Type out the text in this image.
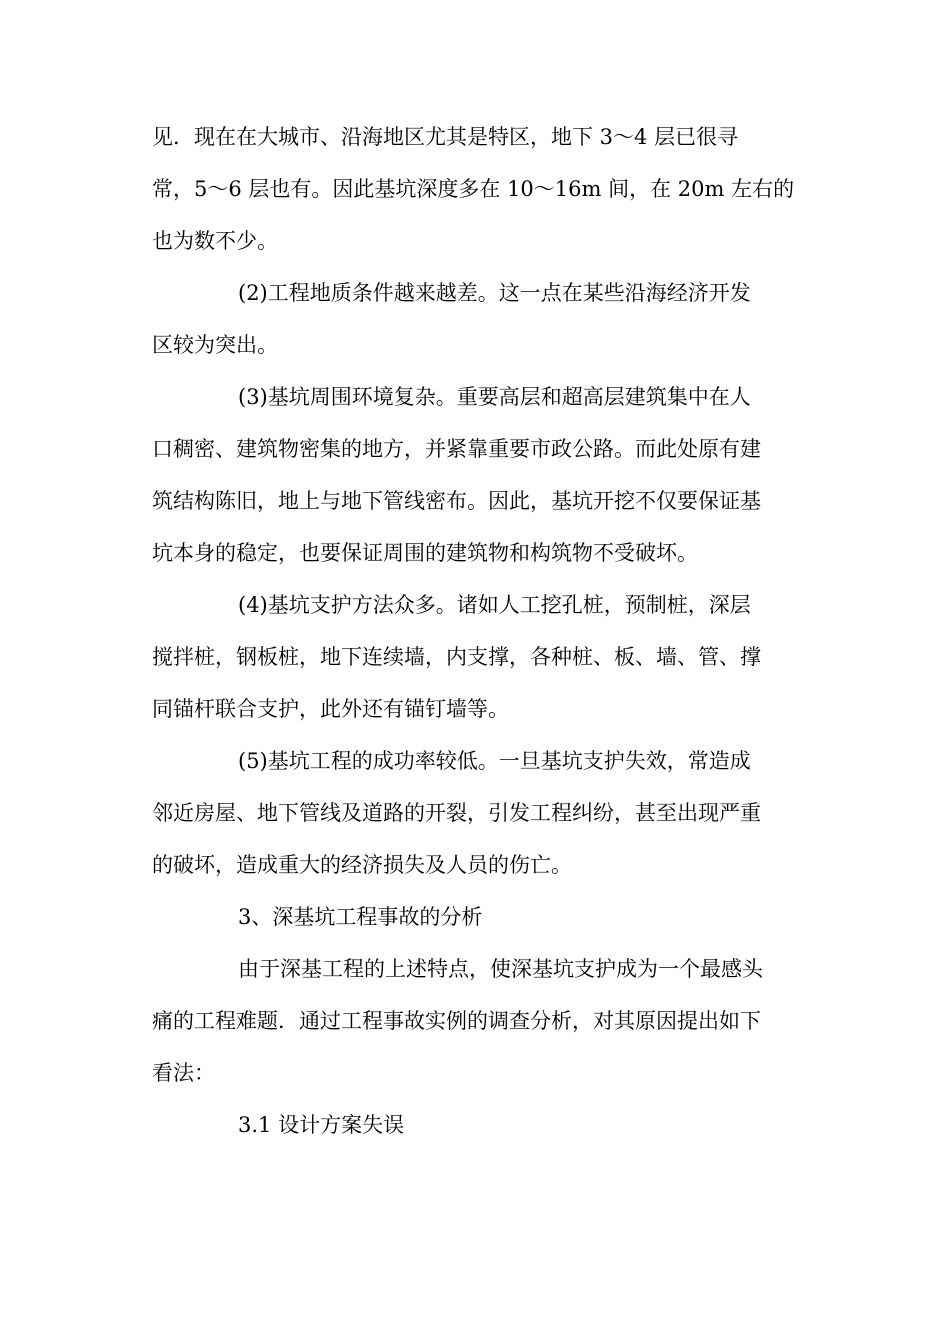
见．现在在大城市、沿海地区尤其是特区，地下 3～4 层已很寻

常，5～6 层也有。因此基坑深度多在 10～16m 间，在 20m 左右的

也为数不少。

(2)工程地质条件越来越差。这一点在某些沿海经济开发

区较为突出。

(3)基坑周围环境复杂。重要高层和超高层建筑集中在人

口稠密、建筑物密集的地方，并紧靠重要市政公路。而此处原有建

筑结构陈旧，地上与地下管线密布。因此，基坑开挖不仅要保证基

坑本身的稳定，也要保证周围的建筑物和构筑物不受破坏。

(4)基坑支护方法众多。诸如人工挖孔桩，预制桩，深层

搅拌桩，钢板桩，地下连续墙，内支撑，各种桩、板、墙、管、撑

同锚杆联合支护，此外还有锚钉墙等。

(5)基坑工程的成功率较低。一旦基坑支护失效，常造成

邻近房屋、地下管线及道路的开裂，引发工程纠纷，甚至出现严重

的破坏，造成重大的经济损失及人员的伤亡。

3、深基坑工程事故的分析

由于深基工程的上述特点，使深基坑支护成为一个最感头

痛的工程难题．通过工程事故实例的调查分析，对其原因提出如下

看法：

3.1 设计方案失误
